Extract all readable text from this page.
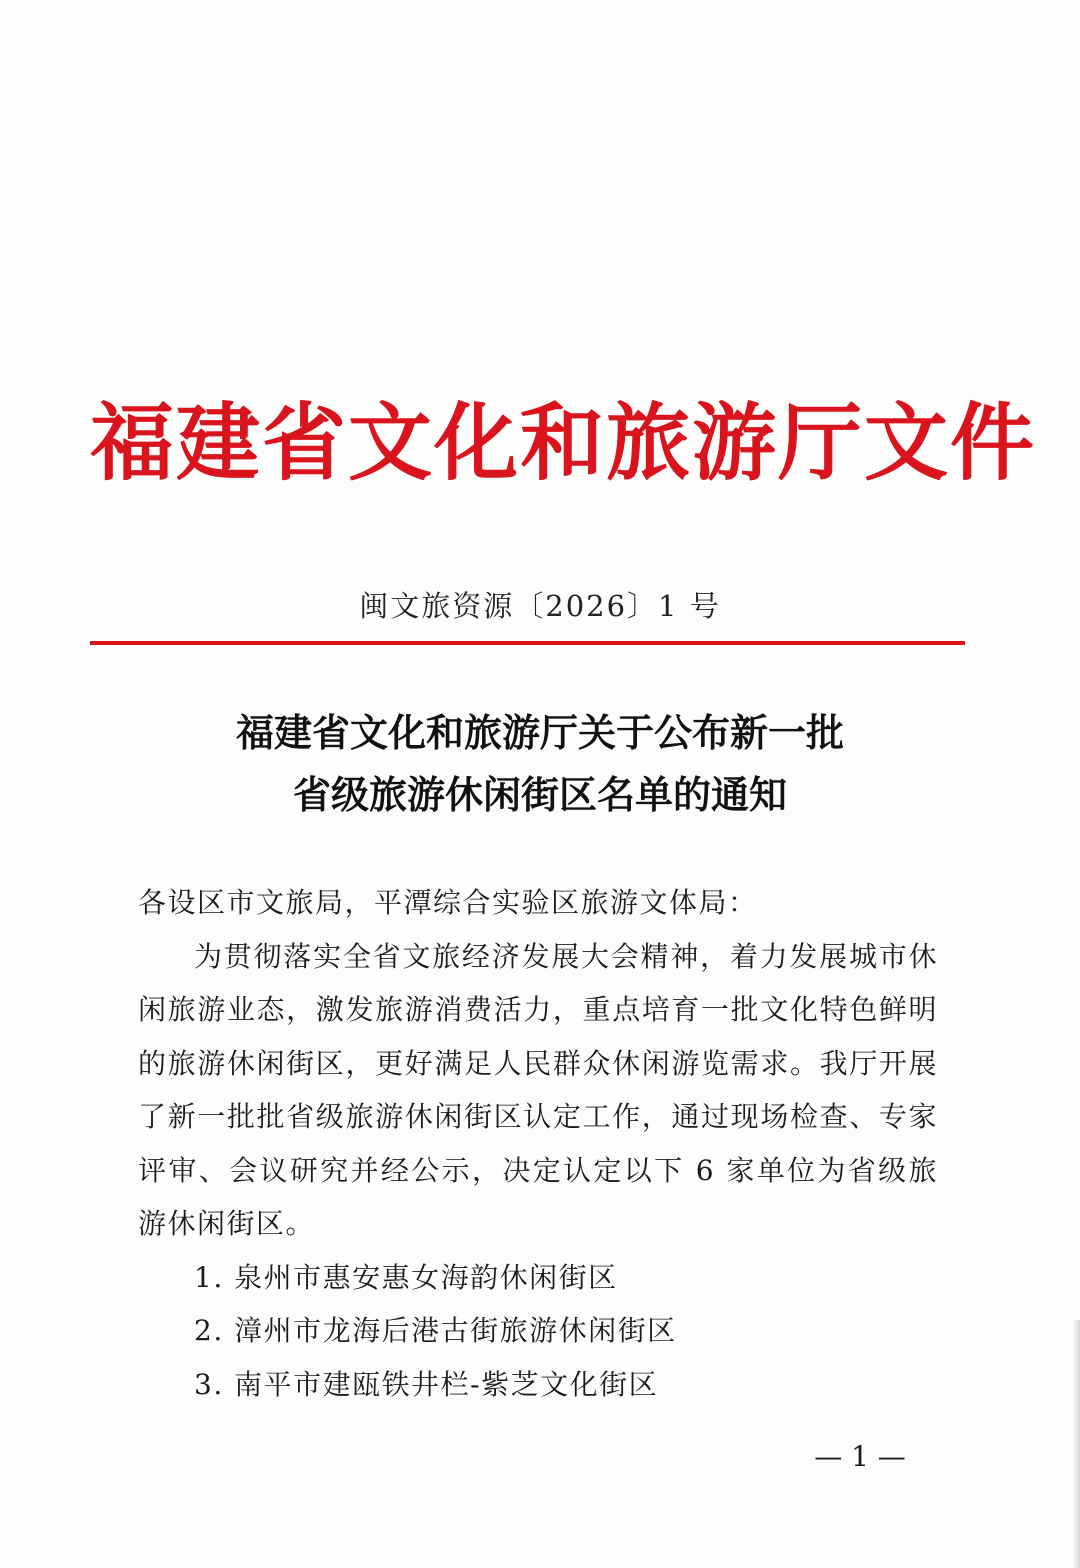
福建省文化和旅游厅文件
闽文旅资源〔2026〕1 号
福建省文化和旅游厅关于公布新一批
省级旅游休闲街区名单的通知
各设区市文旅局，平潭综合实验区旅游文体局：

为贯彻落实全省文旅经济发展大会精神，着力发展城市休闲旅游业态，激发旅游消费活力，重点培育一批文化特色鲜明的旅游休闲街区，更好满足人民群众休闲游览需求。我厅开展了新一批批省级旅游休闲街区认定工作，通过现场检查、专家评审、会议研究并经公示，决定认定以下 6 家单位为省级旅游休闲街区。

1. 泉州市惠安惠女海韵休闲街区
2. 漳州市龙海后港古街旅游休闲街区
3. 南平市建瓯铁井栏-紫芝文化街区
— 1 —
